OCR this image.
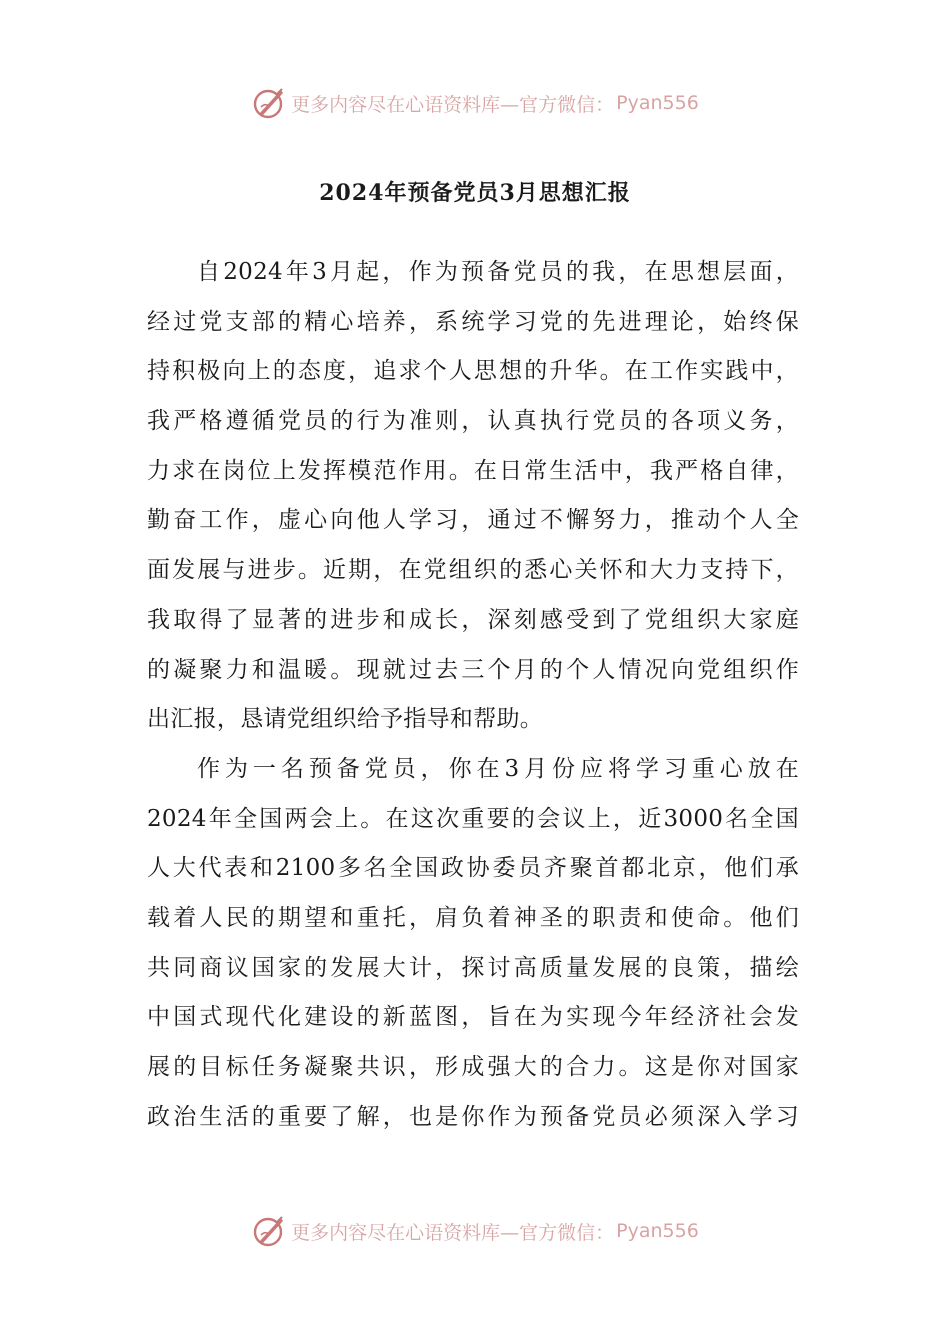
更多内容尽在心语资料库—官方微信： Pyan556
2024年预备党员3月思想汇报
自2024年3月起，作为预备党员的我，在思想层面，
经过党支部的精心培养，系统学习党的先进理论，始终保
持积极向上的态度，追求个人思想的升华。在工作实践中，
我严格遵循党员的行为准则，认真执行党员的各项义务，
力求在岗位上发挥模范作用。在日常生活中，我严格自律，
勤奋工作，虚心向他人学习，通过不懈努力，推动个人全
面发展与进步。近期，在党组织的悉心关怀和大力支持下，
我取得了显著的进步和成长，深刻感受到了党组织大家庭
的凝聚力和温暖。现就过去三个月的个人情况向党组织作
出汇报，恳请党组织给予指导和帮助。
作为一名预备党员，你在3月份应将学习重心放在
2024年全国两会上。在这次重要的会议上，近3000名全国
人大代表和2100多名全国政协委员齐聚首都北京，他们承
载着人民的期望和重托，肩负着神圣的职责和使命。他们
共同商议国家的发展大计，探讨高质量发展的良策，描绘
中国式现代化建设的新蓝图，旨在为实现今年经济社会发
展的目标任务凝聚共识，形成强大的合力。这是你对国家
政治生活的重要了解，也是你作为预备党员必须深入学习
更多内容尽在心语资料库—官方微信： Pyan556
